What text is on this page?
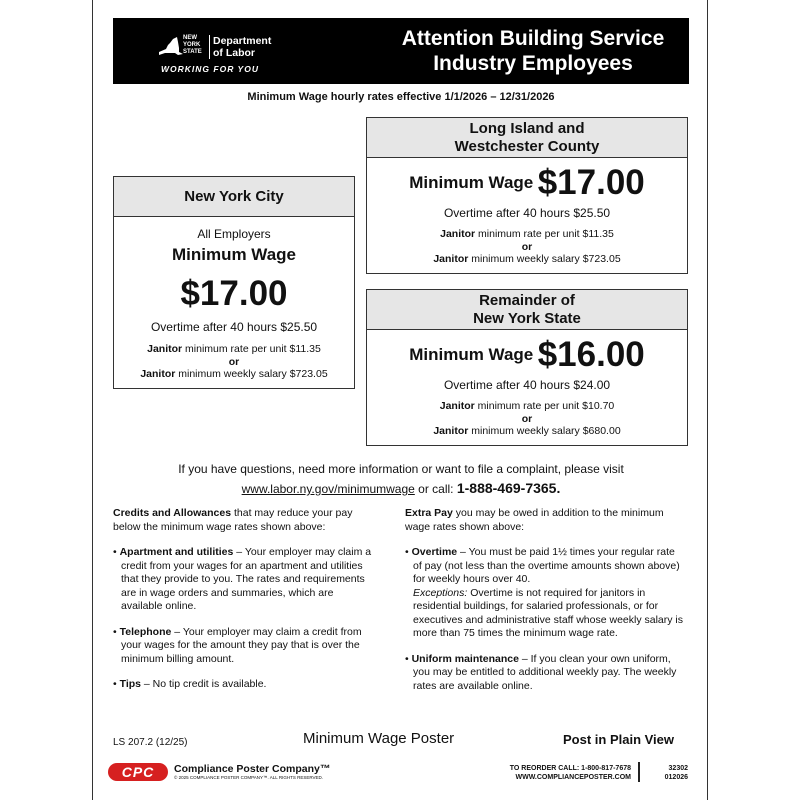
NEW
YORK
STATE
Department
of Labor
WORKING FOR YOU
Attention Building Service
Industry Employees
Minimum Wage hourly rates effective 1/1/2026 – 12/31/2026
New York City
All Employers
Minimum Wage
$17.00
Overtime after 40 hours $25.50
Janitor minimum rate per unit $11.35
or
Janitor minimum weekly salary $723.05
Long Island and
Westchester County
Minimum Wage $17.00
Overtime after 40 hours $25.50
Janitor minimum rate per unit $11.35
or
Janitor minimum weekly salary $723.05
Remainder of
New York State
Minimum Wage $16.00
Overtime after 40 hours $24.00
Janitor minimum rate per unit $10.70
or
Janitor minimum weekly salary $680.00
If you have questions, need more information or want to file a complaint, please visit
www.labor.ny.gov/minimumwage or call: 1-888-469-7365.

Credits and Allowances that may reduce your pay below the minimum wage rates shown above:

• Apartment and utilities – Your employer may claim a credit from your wages for an apartment and utilities that they provide to you. The rates and requirements are in wage orders and summaries, which are available online.
• Telephone – Your employer may claim a credit from your wages for the amount they pay that is over the minimum billing amount.
• Tips – No tip credit is available.

Extra Pay you may be owed in addition to the minimum wage rates shown above:

• Overtime – You must be paid 1½ times your regular rate of pay (not less than the overtime amounts shown above) for weekly hours over 40.
Exceptions: Overtime is not required for janitors in residential buildings, for salaried professionals, or for executives and administrative staff whose weekly salary is more than 75 times the minimum wage rate.
• Uniform maintenance – If you clean your own uniform, you may be entitled to additional weekly pay. The weekly rates are available online.
LS 207.2 (12/25)	Minimum Wage Poster	Post in Plain View
CPC	Compliance Poster Company™
© 2025 COMPLIANCE POSTER COMPANY™. ALL RIGHTS RESERVED.
TO REORDER CALL: 1-800-817-7678
WWW.COMPLIANCEPOSTER.COM
32302
012026
